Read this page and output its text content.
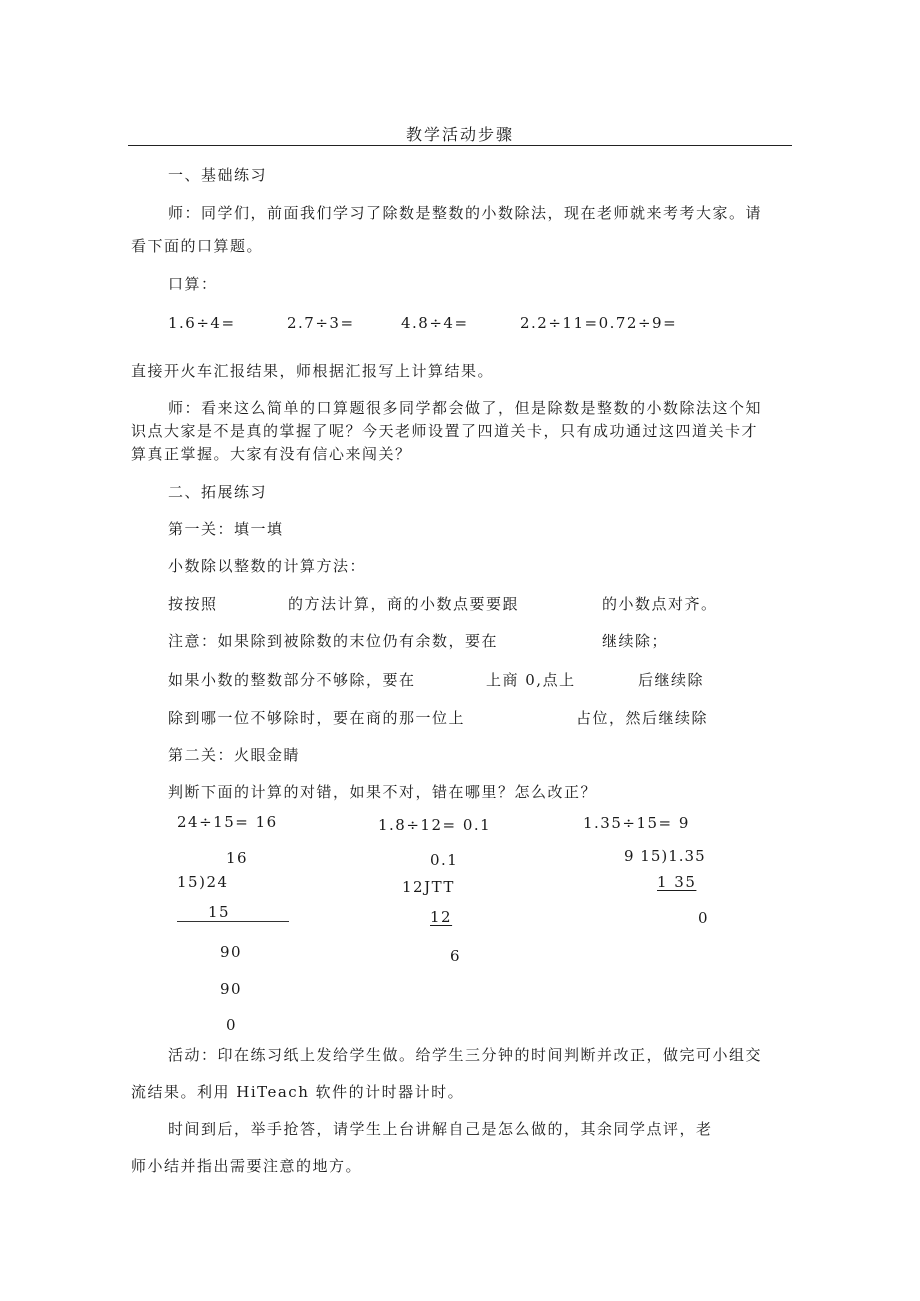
教学活动步骤
一、基础练习
师：同学们，前面我们学习了除数是整数的小数除法，现在老师就来考考大家。请
看下面的口算题。
口算：
1.6÷4=	2.7÷3=	4.8÷4=	2.2÷11=0.72÷9=
直接开火车汇报结果，师根据汇报写上计算结果。
师：看来这么简单的口算题很多同学都会做了，但是除数是整数的小数除法这个知
识点大家是不是真的掌握了呢？今天老师设置了四道关卡，只有成功通过这四道关卡才
算真正掌握。大家有没有信心来闯关？
二、拓展练习
第一关：填一填
小数除以整数的计算方法：
按按照	的方法计算，商的小数点要要跟	的小数点对齐。
注意：如果除到被除数的末位仍有余数，要在	继续除；
如果小数的整数部分不够除，要在	上商 0,点上	后继续除
除到哪一位不够除时，要在商的那一位上	占位，然后继续除
第二关：火眼金睛
判断下面的计算的对错，如果不对，错在哪里？怎么改正？
24÷15= 16
16
15)24
15
90
90
0
1.8÷12= 0.1
0.1
12JTT
12
6
1.35÷15= 9
9 15)1.35
1 35
0
活动：印在练习纸上发给学生做。给学生三分钟的时间判断并改正，做完可小组交
流结果。利用 HiTeach 软件的计时器计时。
时间到后，举手抢答，请学生上台讲解自己是怎么做的，其余同学点评，老
师小结并指出需要注意的地方。
